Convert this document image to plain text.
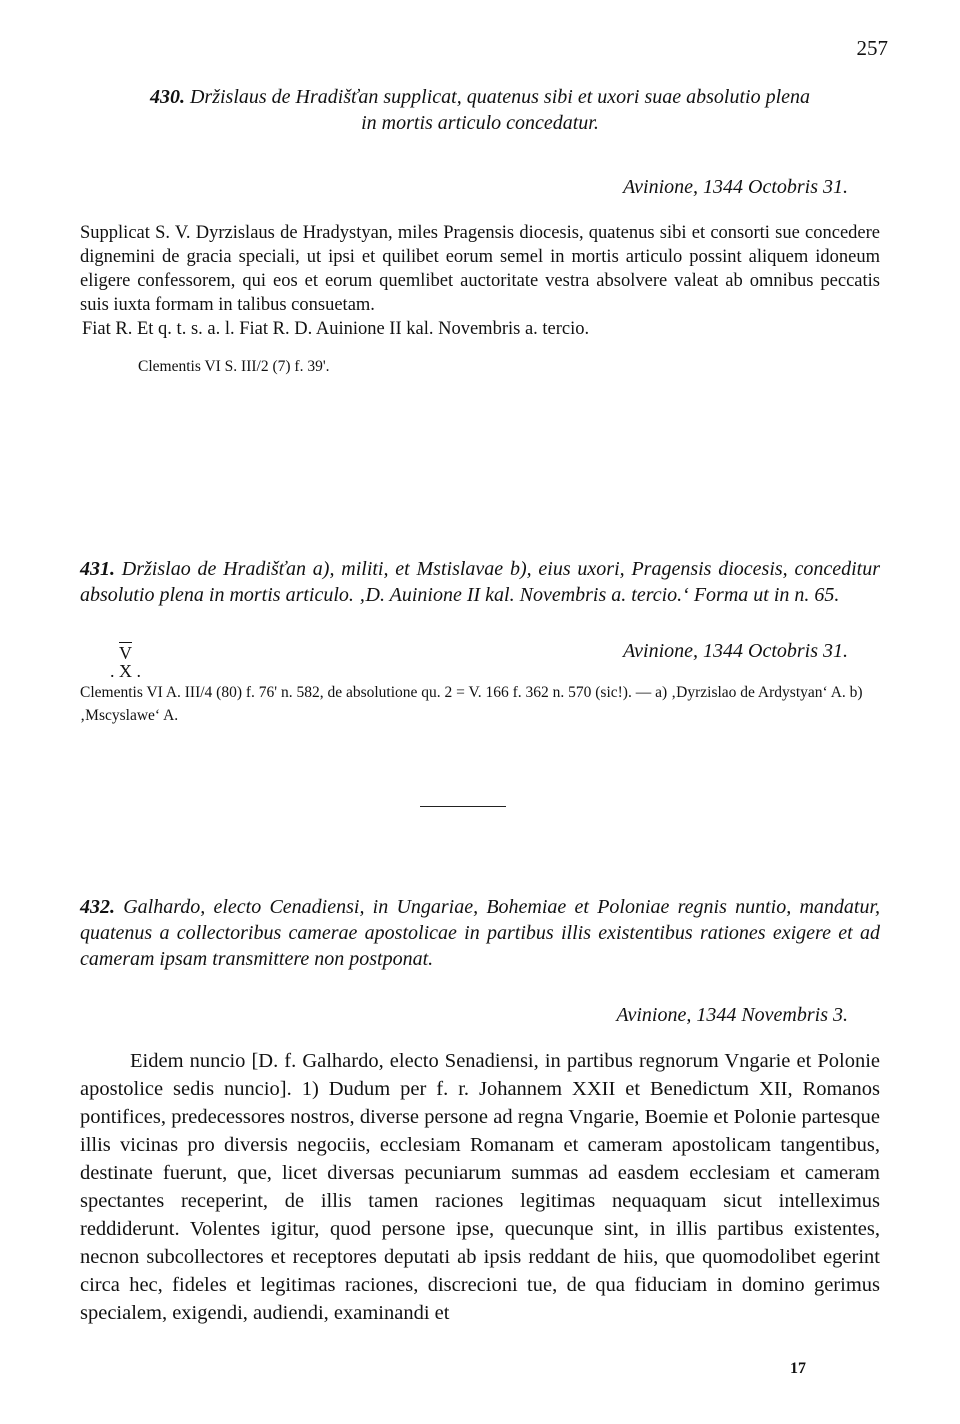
257

430. Držislaus de Hradišťan supplicat, quatenus sibi et uxori suae absolutio plena in mortis articulo concedatur.

Avinione, 1344 Octobris 31.

Supplicat S. V. Dyrzislaus de Hradystyan, miles Pragensis diocesis, quatenus sibi et consorti sue concedere dignemini de gracia speciali, ut ipsi et quilibet eorum semel in mortis articulo possint aliquem idoneum eligere confessorem, qui eos et eorum quemlibet auctoritate vestra absolvere valeat ab omnibus peccatis suis iuxta formam in talibus consuetam.

Fiat R. Et q. t. s. a. l. Fiat R. D. Auinione II kal. Novembris a. tercio.

Clementis VI S. III/2 (7) f. 39'.

431. Držislao de Hradišťan a), militi, et Mstislavae b), eius uxori, Pragensis diocesis, conceditur absolutio plena in mortis articulo. ‚D. Auinione II kal. Novembris a. tercio.‘ Forma ut in n. 65.

$\overline{V}$
. X .

Avinione, 1344 Octobris 31.

Clementis VI A. III/4 (80) f. 76' n. 582, de absolutione qu. 2 = V. 166 f. 362 n. 570 (sic!). — a) ‚Dyrzislao de Ardystyan‘ A. b) ‚Mscyslawe‘ A.

432. Galhardo, electo Cenadiensi, in Ungariae, Bohemiae et Poloniae regnis nuntio, mandatur, quatenus a collectoribus camerae apostolicae in partibus illis existentibus rationes exigere et ad cameram ipsam transmittere non postponat.

Avinione, 1344 Novembris 3.

Eidem nuncio [D. f. Galhardo, electo Senadiensi, in partibus regnorum Vngarie et Polonie apostolice sedis nuncio]. 1) Dudum per f. r. Johannem XXII et Benedictum XII, Romanos pontifices, predecessores nostros, diverse persone ad regna Vngarie, Boemie et Polonie partesque illis vicinas pro diversis negociis, ecclesiam Romanam et cameram apostolicam tangentibus, destinate fuerunt, que, licet diversas pecuniarum summas ad easdem ecclesiam et cameram spectantes receperint, de illis tamen raciones legitimas nequaquam sicut intelleximus reddiderunt. Volentes igitur, quod persone ipse, quecunque sint, in illis partibus existentes, necnon subcollectores et receptores deputati ab ipsis reddant de hiis, que quomodolibet egerint circa hec, fideles et legitimas raciones, discrecioni tue, de qua fiduciam in domino gerimus specialem, exigendi, audiendi, examinandi et

17
